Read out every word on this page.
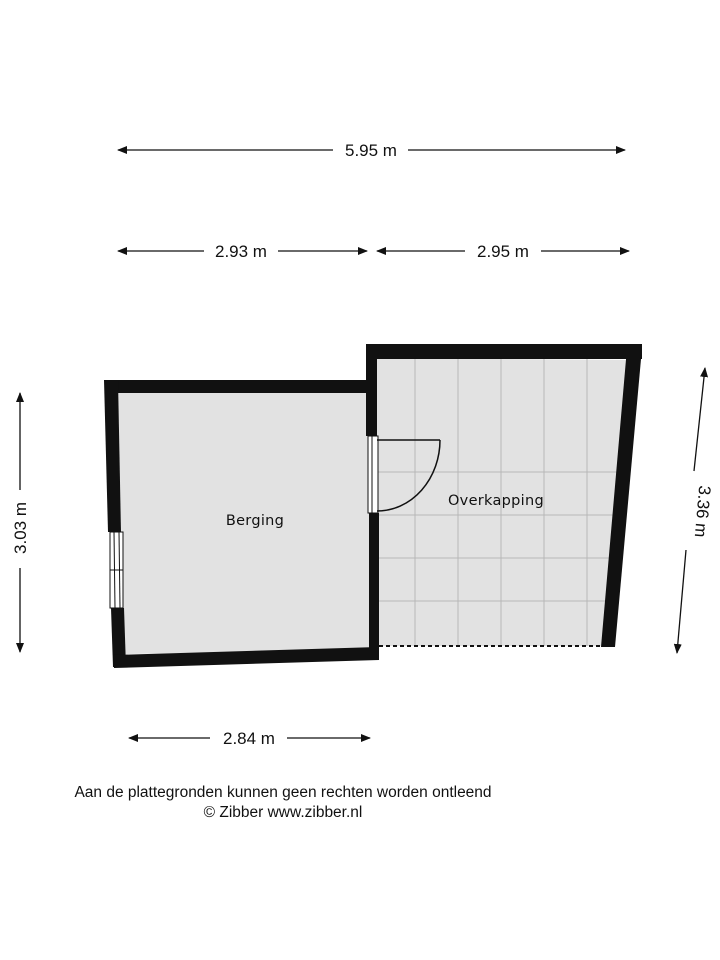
Berging
Overkapping
5.95 m
2.93 m	2.95 m
3.03 m	3.36 m
2.84 m
Aan de plattegronden kunnen geen rechten worden ontleend
© Zibber www.zibber.nl
